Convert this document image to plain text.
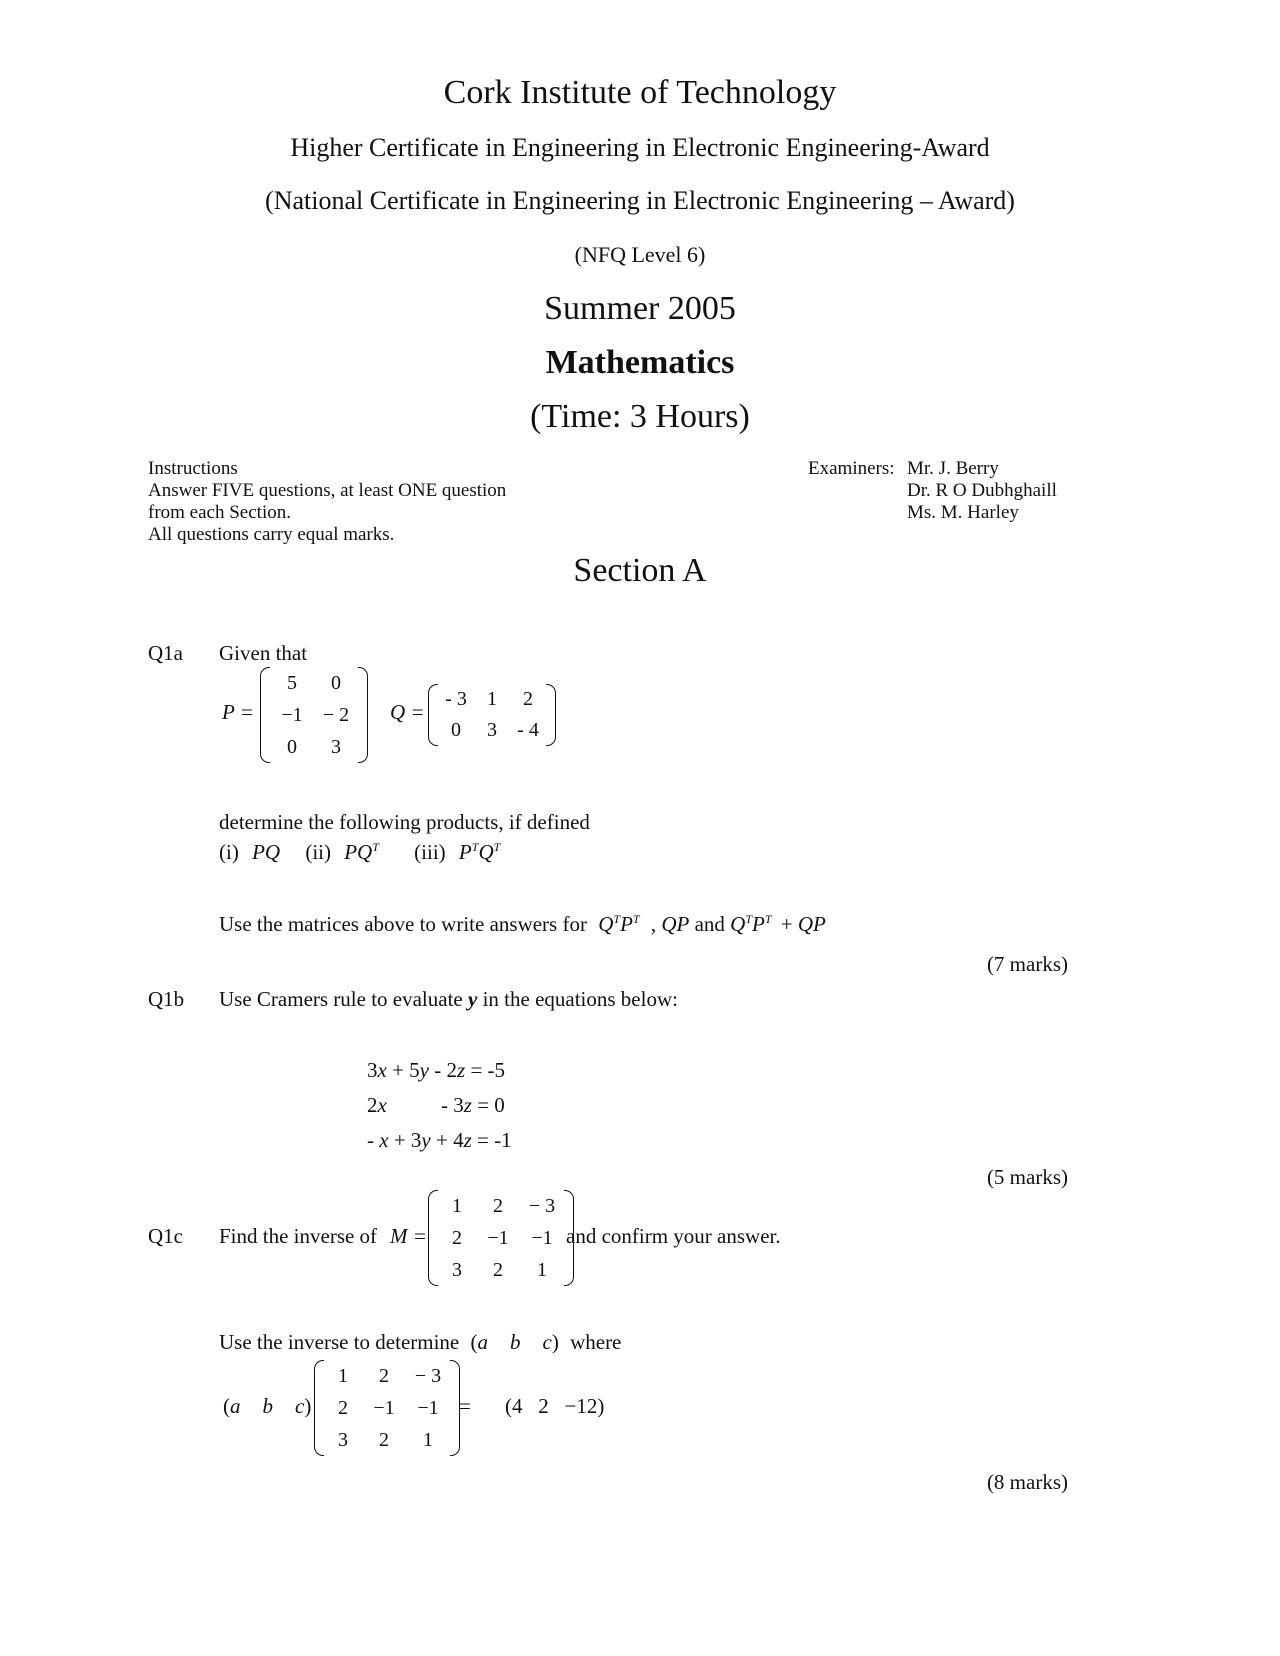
Cork Institute of Technology
Higher Certificate in Engineering in Electronic Engineering-Award
(National Certificate in Engineering in Electronic Engineering – Award)
(NFQ Level 6)
Summer 2005
Mathematics
(Time: 3 Hours)
Instructions
Answer FIVE questions, at least ONE question
from each Section.
All questions carry equal marks.
Examiners: Mr. J. Berry
Dr. R O Dubhghaill
Ms. M. Harley
Section A
Q1a Given that
P =
5 0
−1 − 2
0 3
Q =
- 3 1 2
0 3 - 4
determine the following products, if defined
(i) PQ (ii) $PQ^T$ (iii) $P^TQ^T$
Use the matrices above to write answers for $Q^TP^T$ , QP and $Q^TP^T$ + QP
(7 marks)
Q1b Use Cramers rule to evaluate y in the equations below:
3x + 5y - 2z = -5
2x	- 3z = 0
- x + 3y + 4z = -1
(5 marks)
Q1c Find the inverse of M =
1 2 − 3
2 −1 −1
3 2 1
and confirm your answer.
Use the inverse to determine (a b c) where
(a b c)
1 2 − 3
2 −1 −1
3 2 1
= (4   2   −12)
(8 marks)
